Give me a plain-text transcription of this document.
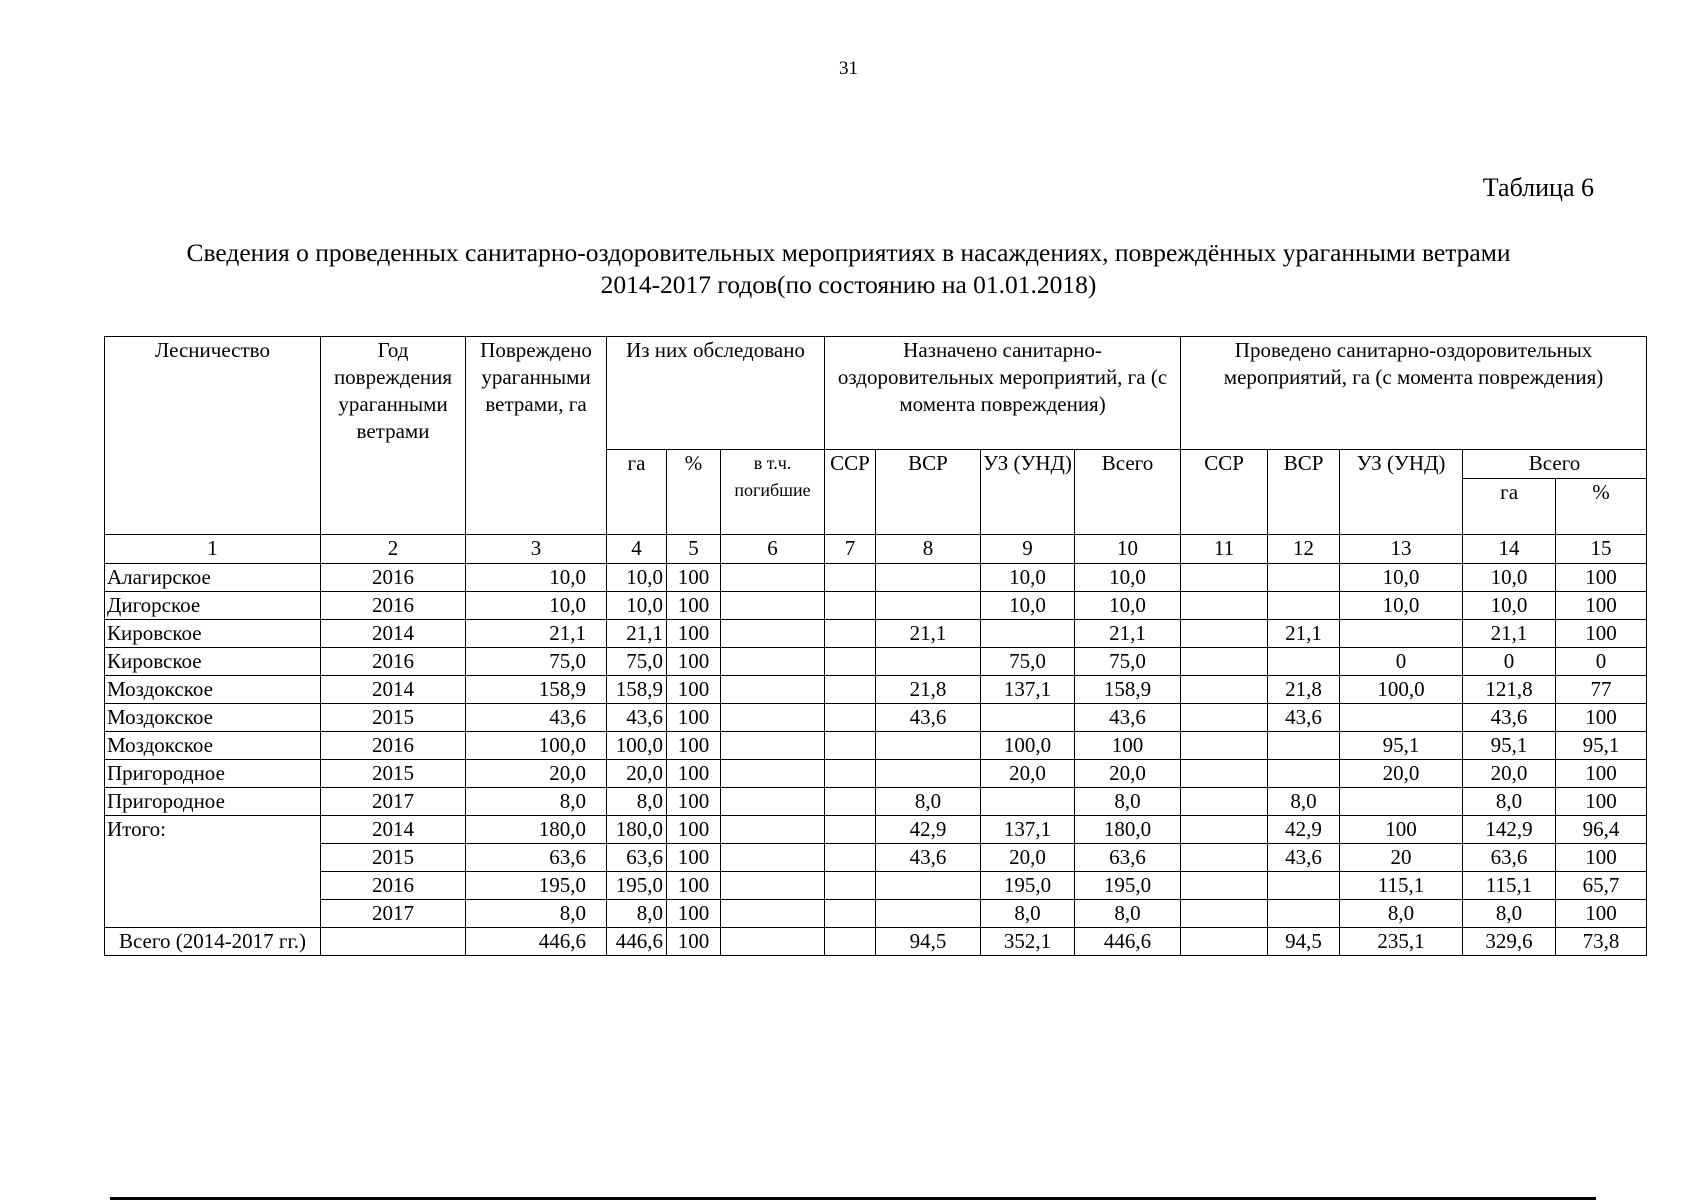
31
Таблица 6
Сведения о проведенных санитарно-оздоровительных мероприятиях в насаждениях, повреждённых ураганными ветрами
2014-2017 годов(по состоянию на 01.01.2018)
Лесничество	Год повреждения ураганными ветрами	Повреждено ураганными ветрами, га	Из них обследовано			Назначено санитарно-оздоровительных мероприятий, га (с момента повреждения)				Проведено санитарно-оздоровительных мероприятий, га (с момента повреждения)				
			га	%	в т.ч. погибшие	ССР	ВСР	УЗ (УНД)	Всего	ССР	ВСР	УЗ (УНД)	Всего	
													га	%
1	2	3	4	5	6	7	8	9	10	11	12	13	14	15
Алагирское	2016	10,0	10,0	100				10,0	10,0			10,0	10,0	100
Дигорское	2016	10,0	10,0	100				10,0	10,0			10,0	10,0	100
Кировское	2014	21,1	21,1	100			21,1		21,1		21,1		21,1	100
Кировское	2016	75,0	75,0	100				75,0	75,0			0	0	0
Моздокское	2014	158,9	158,9	100			21,8	137,1	158,9		21,8	100,0	121,8	77
Моздокское	2015	43,6	43,6	100			43,6		43,6		43,6		43,6	100
Моздокское	2016	100,0	100,0	100				100,0	100			95,1	95,1	95,1
Пригородное	2015	20,0	20,0	100				20,0	20,0			20,0	20,0	100
Пригородное	2017	8,0	8,0	100			8,0		8,0		8,0		8,0	100
Итого:	2014	180,0	180,0	100			42,9	137,1	180,0		42,9	100	142,9	96,4
	2015	63,6	63,6	100			43,6	20,0	63,6		43,6	20	63,6	100
	2016	195,0	195,0	100				195,0	195,0			115,1	115,1	65,7
	2017	8,0	8,0	100				8,0	8,0			8,0	8,0	100
Всего (2014-2017 гг.)		446,6	446,6	100			94,5	352,1	446,6		94,5	235,1	329,6	73,8
